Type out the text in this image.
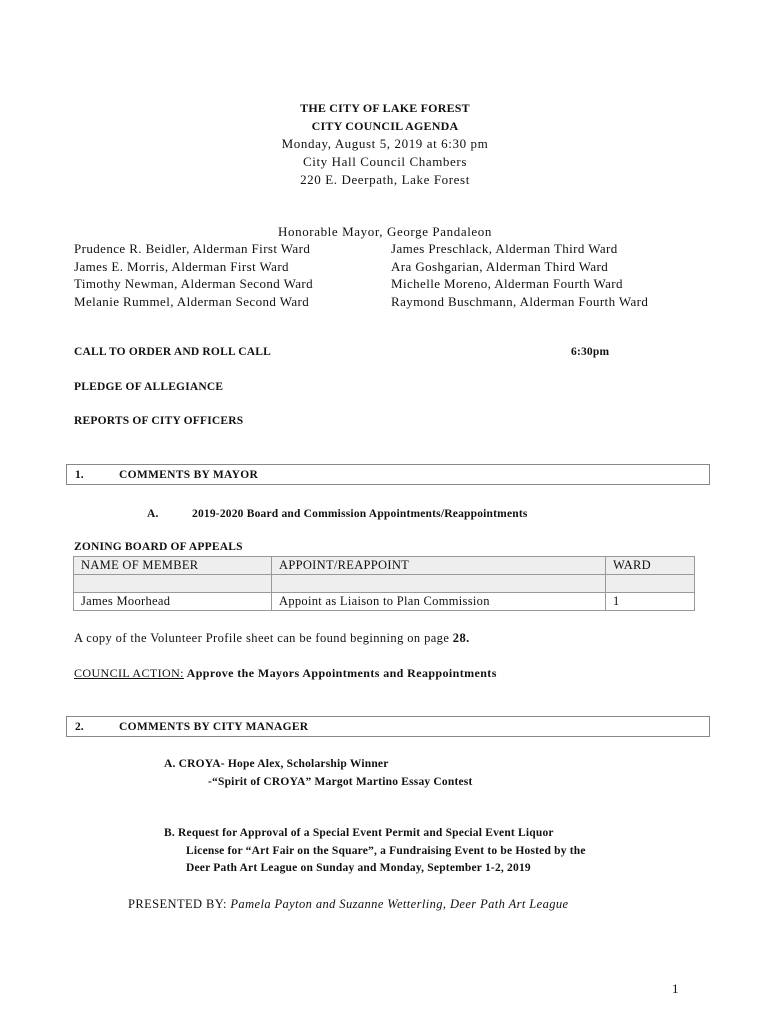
THE CITY OF LAKE FOREST
CITY COUNCIL AGENDA
Monday, August 5, 2019 at 6:30 pm
City Hall Council Chambers
220 E. Deerpath, Lake Forest
Honorable Mayor, George Pandaleon
Prudence R. Beidler, Alderman First Ward
James E. Morris, Alderman First Ward
Timothy Newman, Alderman Second Ward
Melanie Rummel, Alderman Second Ward
James Preschlack, Alderman Third Ward
Ara Goshgarian, Alderman Third Ward
Michelle Moreno, Alderman Fourth Ward
Raymond Buschmann, Alderman Fourth Ward
CALL TO ORDER AND ROLL CALL	6:30pm
PLEDGE OF ALLEGIANCE
REPORTS OF CITY OFFICERS
1.	COMMENTS BY MAYOR
A.	2019-2020 Board and Commission Appointments/Reappointments
ZONING BOARD OF APPEALS
NAME OF MEMBER	APPOINT/REAPPOINT	WARD

James Moorhead	Appoint as Liaison to Plan Commission	1
A copy of the Volunteer Profile sheet can be found beginning on page 28.
COUNCIL ACTION: Approve the Mayors Appointments and Reappointments
2.	COMMENTS BY CITY MANAGER
A. CROYA- Hope Alex, Scholarship Winner
-“Spirit of CROYA” Margot Martino Essay Contest
B. Request for Approval of a Special Event Permit and Special Event Liquor
License for “Art Fair on the Square”, a Fundraising Event to be Hosted by the
Deer Path Art League on Sunday and Monday, September 1-2, 2019
PRESENTED BY: Pamela Payton and Suzanne Wetterling, Deer Path Art League
1
